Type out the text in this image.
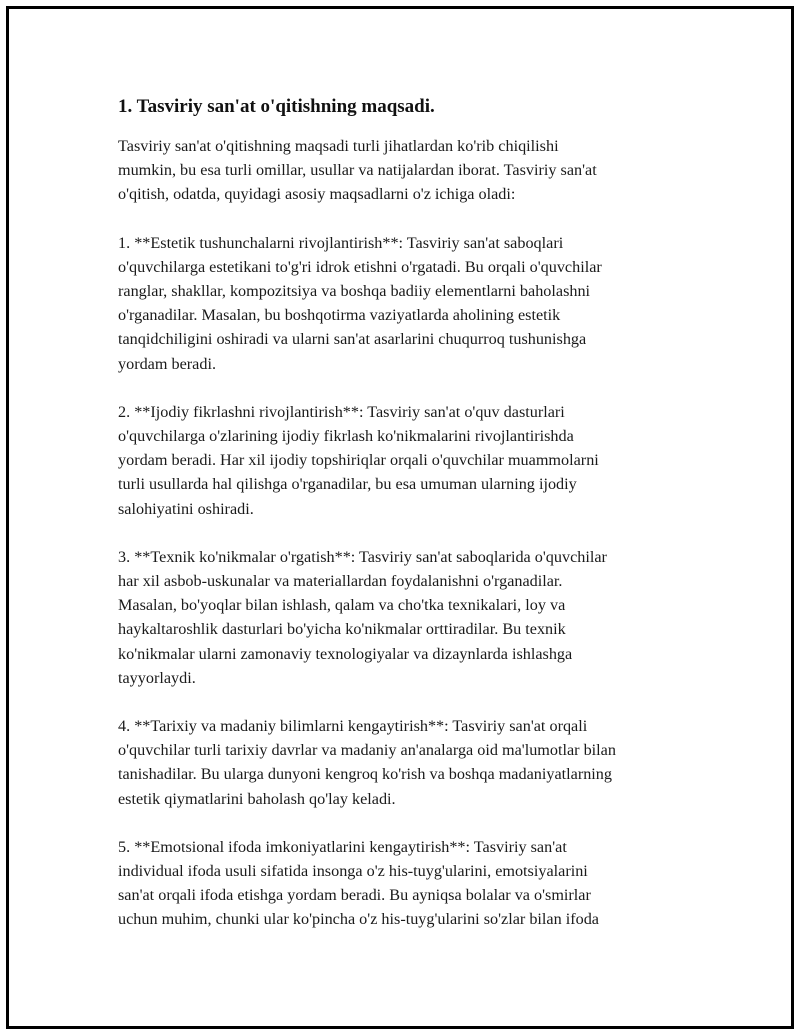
1. Tasviriy san'at o'qitishning maqsadi.

Tasviriy san'at o'qitishning maqsadi turli jihatlardan ko'rib chiqilishi
mumkin, bu esa turli omillar, usullar va natijalardan iborat. Tasviriy san'at
o'qitish, odatda, quyidagi asosiy maqsadlarni o'z ichiga oladi:

1. **Estetik tushunchalarni rivojlantirish**: Tasviriy san'at saboqlari
o'quvchilarga estetikani to'g'ri idrok etishni o'rgatadi. Bu orqali o'quvchilar
ranglar, shakllar, kompozitsiya va boshqa badiiy elementlarni baholashni
o'rganadilar. Masalan, bu boshqotirma vaziyatlarda aholining estetik
tanqidchiligini oshiradi va ularni san'at asarlarini chuqurroq tushunishga
yordam beradi.

2. **Ijodiy fikrlashni rivojlantirish**: Tasviriy san'at o'quv dasturlari
o'quvchilarga o'zlarining ijodiy fikrlash ko'nikmalarini rivojlantirishda
yordam beradi. Har xil ijodiy topshiriqlar orqali o'quvchilar muammolarni
turli usullarda hal qilishga o'rganadilar, bu esa umuman ularning ijodiy
salohiyatini oshiradi.

3. **Texnik ko'nikmalar o'rgatish**: Tasviriy san'at saboqlarida o'quvchilar
har xil asbob-uskunalar va materiallardan foydalanishni o'rganadilar.
Masalan, bo'yoqlar bilan ishlash, qalam va cho'tka texnikalari, loy va
haykaltaroshlik dasturlari bo'yicha ko'nikmalar orttiradilar. Bu texnik
ko'nikmalar ularni zamonaviy texnologiyalar va dizaynlarda ishlashga
tayyorlaydi.

4. **Tarixiy va madaniy bilimlarni kengaytirish**: Tasviriy san'at orqali
o'quvchilar turli tarixiy davrlar va madaniy an'analarga oid ma'lumotlar bilan
tanishadilar. Bu ularga dunyoni kengroq ko'rish va boshqa madaniyatlarning
estetik qiymatlarini baholash qo'lay keladi.

5. **Emotsional ifoda imkoniyatlarini kengaytirish**: Tasviriy san'at
individual ifoda usuli sifatida insonga o'z his-tuyg'ularini, emotsiyalarini
san'at orqali ifoda etishga yordam beradi. Bu ayniqsa bolalar va o'smirlar
uchun muhim, chunki ular ko'pincha o'z his-tuyg'ularini so'zlar bilan ifoda
